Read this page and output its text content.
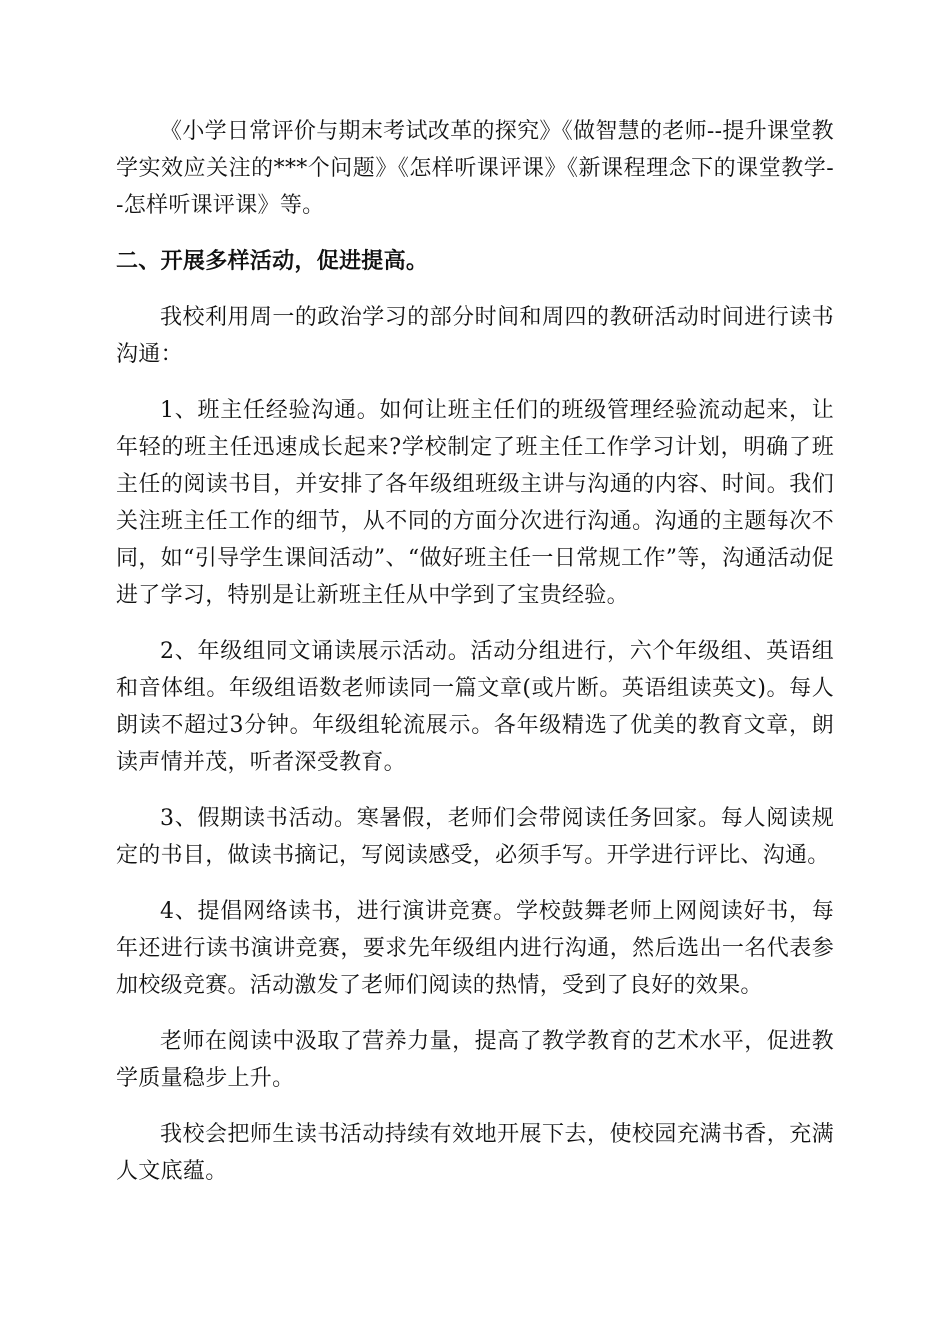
《小学日常评价与期末考试改革的探究》《做智慧的老师--提升课堂教学实效应关注的***个问题》《怎样听课评课》《新课程理念下的课堂教学--怎样听课评课》等。

二、开展多样活动，促进提高。

我校利用周一的政治学习的部分时间和周四的教研活动时间进行读书沟通：

1、班主任经验沟通。如何让班主任们的班级管理经验流动起来，让年轻的班主任迅速成长起来?学校制定了班主任工作学习计划，明确了班主任的阅读书目，并安排了各年级组班级主讲与沟通的内容、时间。我们关注班主任工作的细节，从不同的方面分次进行沟通。沟通的主题每次不同，如“引导学生课间活动”、“做好班主任一日常规工作”等，沟通活动促进了学习，特别是让新班主任从中学到了宝贵经验。

2、年级组同文诵读展示活动。活动分组进行，六个年级组、英语组和音体组。年级组语数老师读同一篇文章(或片断。英语组读英文)。每人朗读不超过3分钟。年级组轮流展示。各年级精选了优美的教育文章，朗读声情并茂，听者深受教育。

3、假期读书活动。寒暑假，老师们会带阅读任务回家。每人阅读规定的书目，做读书摘记，写阅读感受，必须手写。开学进行评比、沟通。

4、提倡网络读书，进行演讲竞赛。学校鼓舞老师上网阅读好书，每年还进行读书演讲竞赛，要求先年级组内进行沟通，然后选出一名代表参加校级竞赛。活动激发了老师们阅读的热情，受到了良好的效果。

老师在阅读中汲取了营养力量，提高了教学教育的艺术水平，促进教学质量稳步上升。

我校会把师生读书活动持续有效地开展下去，使校园充满书香，充满人文底蕴。
